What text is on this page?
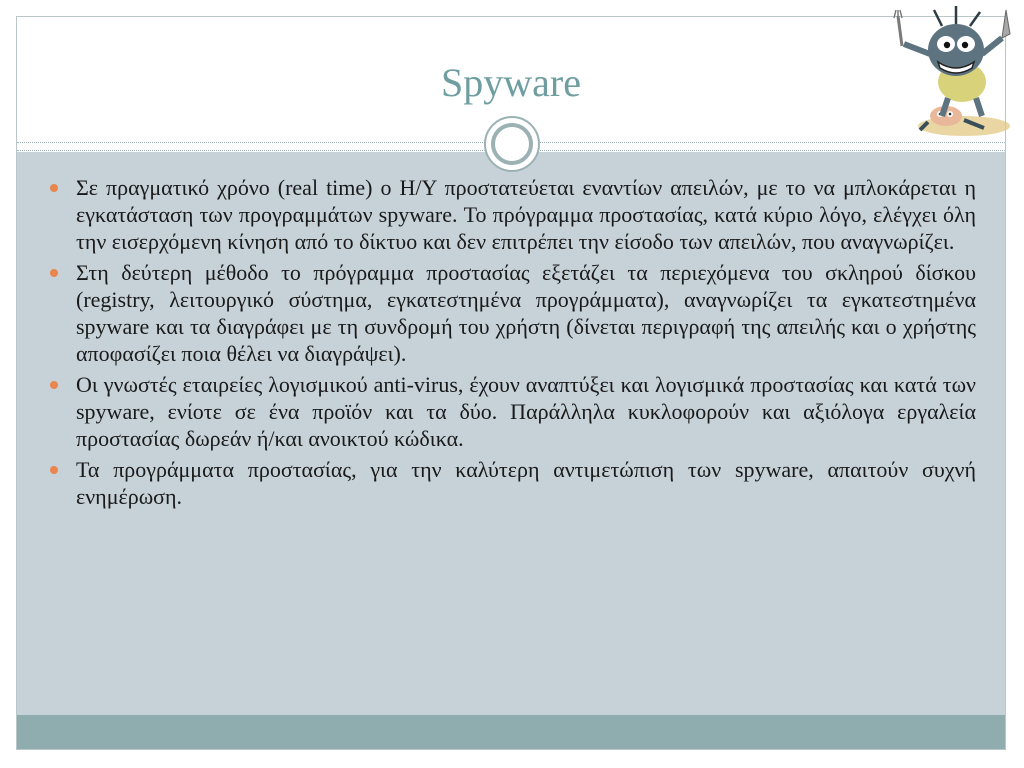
Spyware
Σε πραγματικό χρόνο (real time) ο Η/Υ προστατεύεται εναντίων απειλών, με το να μπλοκάρεται η εγκατάσταση των προγραμμάτων spyware. Το πρόγραμμα προστασίας, κατά κύριο λόγο, ελέγχει όλη την εισερχόμενη κίνηση από το δίκτυο και δεν επιτρέπει την είσοδο των απειλών, που αναγνωρίζει.
Στη δεύτερη μέθοδο το πρόγραμμα προστασίας εξετάζει τα περιεχόμενα του σκληρού δίσκου (registry, λειτουργικό σύστημα, εγκατεστημένα προγράμματα), αναγνωρίζει τα εγκατεστημένα spyware και τα διαγράφει με τη συνδρομή του χρήστη (δίνεται περιγραφή της απειλής και ο χρήστης αποφασίζει ποια θέλει να διαγράψει).
Οι γνωστές εταιρείες λογισμικού anti-virus, έχουν αναπτύξει και λογισμικά προστασίας και κατά των spyware, ενίοτε σε ένα προϊόν και τα δύο. Παράλληλα κυκλοφορούν και αξιόλογα εργαλεία προστασίας δωρεάν ή/και ανοικτού κώδικα.
Τα προγράμματα προστασίας, για την καλύτερη αντιμετώπιση των spyware, απαιτούν συχνή ενημέρωση.
